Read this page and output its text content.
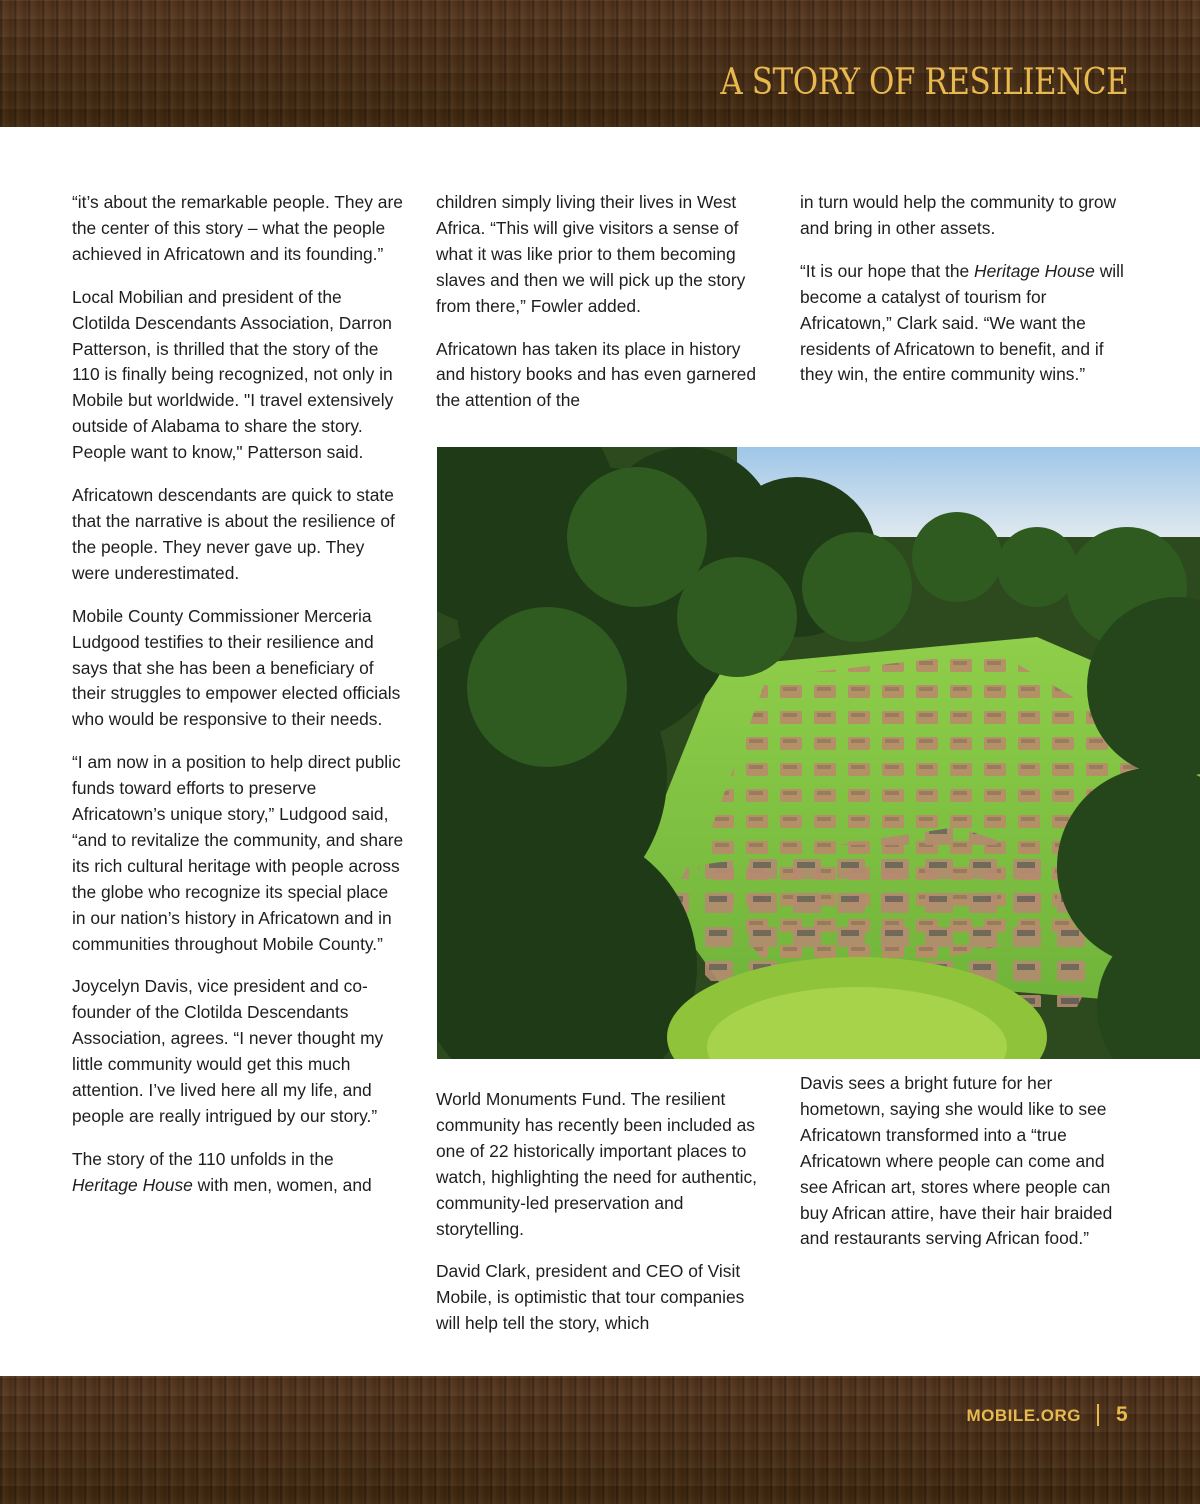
A STORY OF RESILIENCE

“it’s about the remarkable people. They are the center of this story – what the people achieved in Africatown and its founding.”

Local Mobilian and president of the Clotilda Descendants Association, Darron Patterson, is thrilled that the story of the 110 is finally being recognized, not only in Mobile but worldwide. "I travel extensively outside of Alabama to share the story. People want to know," Patterson said.

Africatown descendants are quick to state that the narrative is about the resilience of the people. They never gave up. They were underestimated.

Mobile County Commissioner Merceria Ludgood testifies to their resilience and says that she has been a beneficiary of their struggles to empower elected officials who would be responsive to their needs.

“I am now in a position to help direct public funds toward efforts to preserve Africatown’s unique story,” Ludgood said, “and to revitalize the community, and share its rich cultural heritage with people across the globe who recognize its special place in our nation’s history in Africatown and in communities throughout Mobile County.”

Joycelyn Davis, vice president and co-founder of the Clotilda Descendants Association, agrees. “I never thought my little community would get this much attention. I’ve lived here all my life, and people are really intrigued by our story.”

The story of the 110 unfolds in the Heritage House with men, women, and

children simply living their lives in West Africa. “This will give visitors a sense of what it was like prior to them becoming slaves and then we will pick up the story from there,” Fowler added.

Africatown has taken its place in history and history books and has even garnered the attention of the

in turn would help the community to grow and bring in other assets.

“It is our hope that the Heritage House will become a catalyst of tourism for Africatown,” Clark said. “We want the residents of Africatown to benefit, and if they win, the entire community wins.”

World Monuments Fund. The resilient community has recently been included as one of 22 historically important places to watch, highlighting the need for authentic, community-led preservation and storytelling.

David Clark, president and CEO of Visit Mobile, is optimistic that tour companies will help tell the story, which

Davis sees a bright future for her hometown, saying she would like to see Africatown transformed into a “true Africatown where people can come and see African art, stores where people can buy African attire, have their hair braided and restaurants serving African food.”

MOBILE.ORG 5
